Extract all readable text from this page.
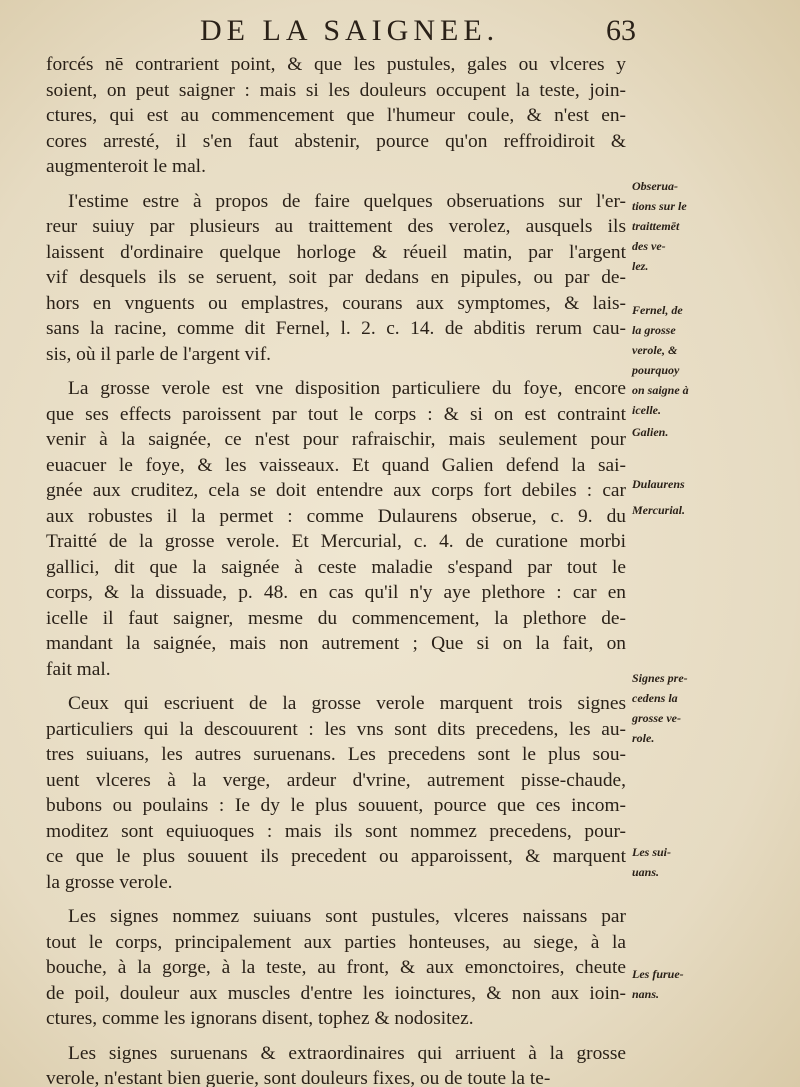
DE LA SAIGNEE.	63
forcés nē contrarient point, & que les pustules, gales ou vlceres y
soient, on peut saigner : mais si les douleurs occupent la teste, join-
ctures, qui est au commencement que l'humeur coule, & n'est en-
cores arresté, il s'en faut abstenir, pource qu'on reffroidiroit &
augmenteroit le mal.
I'estime estre à propos de faire quelques obseruations sur l'er-
reur suiuy par plusieurs au traittement des verolez, ausquels ils
laissent d'ordinaire quelque horloge & réueil matin, par l'argent
vif desquels ils se seruent, soit par dedans en pipules, ou par de-
hors en vnguents ou emplastres, courans aux symptomes, & lais-
sans la racine, comme dit Fernel, l. 2. c. 14. de abditis rerum cau-
sis, où il parle de l'argent vif.
La grosse verole est vne disposition particuliere du foye, encore
que ses effects paroissent par tout le corps : & si on est contraint
venir à la saignée, ce n'est pour rafraischir, mais seulement pour
euacuer le foye, & les vaisseaux. Et quand Galien defend la sai-
gnée aux cruditez, cela se doit entendre aux corps fort debiles : car
aux robustes il la permet : comme Dulaurens obserue, c. 9. du
Traitté de la grosse verole. Et Mercurial, c. 4. de curatione morbi
gallici, dit que la saignée à ceste maladie s'espand par tout le
corps, & la dissuade, p. 48. en cas qu'il n'y aye plethore : car en
icelle il faut saigner, mesme du commencement, la plethore de-
mandant la saignée, mais non autrement ; Que si on la fait, on
fait mal.
Ceux qui escriuent de la grosse verole marquent trois signes
particuliers qui la descouurent : les vns sont dits precedens, les au-
tres suiuans, les autres suruenans. Les precedens sont le plus sou-
uent vlceres à la verge, ardeur d'vrine, autrement pisse-chaude,
bubons ou poulains : Ie dy le plus souuent, pource que ces incom-
moditez sont equiuoques : mais ils sont nommez precedens, pour-
ce que le plus souuent ils precedent ou apparoissent, & marquent
la grosse verole.
Les signes nommez suiuans sont pustules, vlceres naissans par
tout le corps, principalement aux parties honteuses, au siege, à la
bouche, à la gorge, à la teste, au front, & aux emonctoires, cheute
de poil, douleur aux muscles d'entre les ioinctures, & non aux ioin-
ctures, comme les ignorans disent, tophez & nodositez.
Les signes suruenans & extraordinaires qui arriuent à la grosse
verole, n'estant bien guerie, sont douleurs fixes, ou de toute la te-
Obserua-
tions sur le
traittemēt
des ve-
lez.
Fernel, de
la grosse
verole, &
pourquoy
on saigne à
icelle.
Galien.
Dulaurens
Mercurial.
Signes pre-
cedens la
grosse ve-
role.
Les sui-
uans.
Les furue-
nans.
